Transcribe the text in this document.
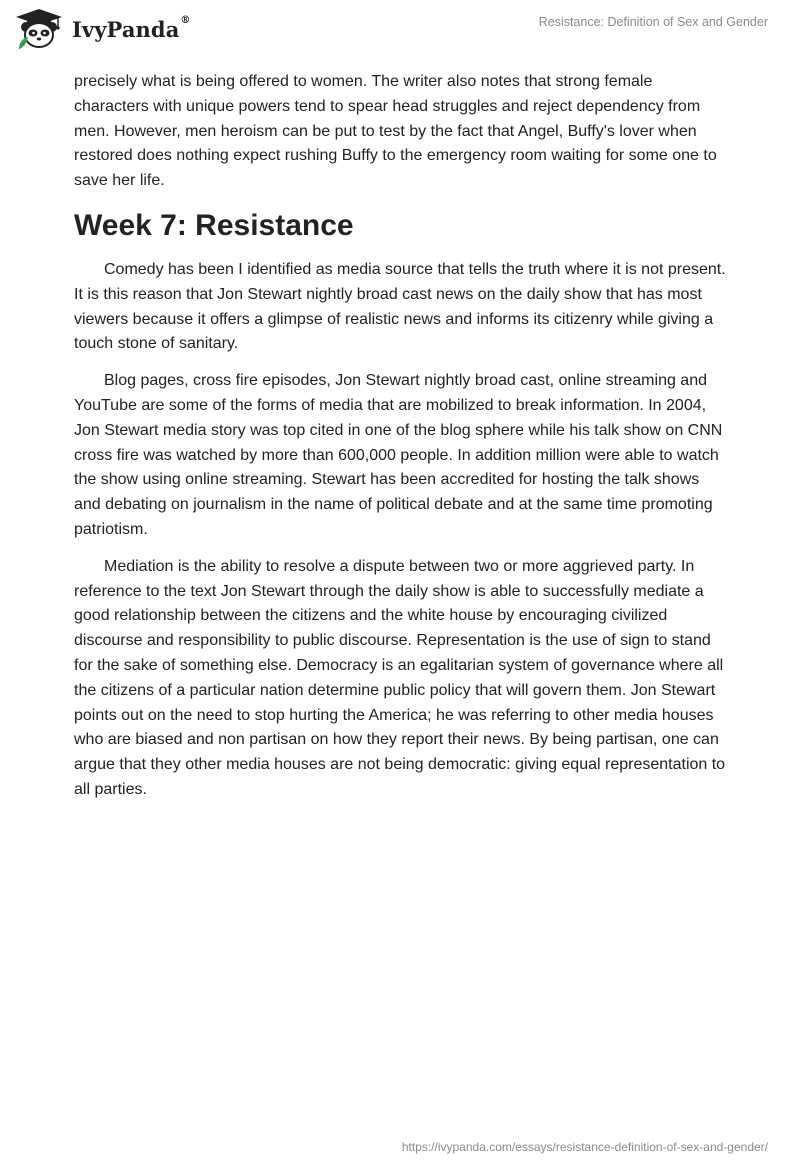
IvyPanda®	Resistance: Definition of Sex and Gender

precisely what is being offered to women. The writer also notes that strong female characters with unique powers tend to spear head struggles and reject dependency from men. However, men heroism can be put to test by the fact that Angel, Buffy's lover when restored does nothing expect rushing Buffy to the emergency room waiting for some one to save her life.

Week 7: Resistance

Comedy has been I identified as media source that tells the truth where it is not present. It is this reason that Jon Stewart nightly broad cast news on the daily show that has most viewers because it offers a glimpse of realistic news and informs its citizenry while giving a touch stone of sanitary.

Blog pages, cross fire episodes, Jon Stewart nightly broad cast, online streaming and YouTube are some of the forms of media that are mobilized to break information. In 2004, Jon Stewart media story was top cited in one of the blog sphere while his talk show on CNN cross fire was watched by more than 600,000 people. In addition million were able to watch the show using online streaming. Stewart has been accredited for hosting the talk shows and debating on journalism in the name of political debate and at the same time promoting patriotism.

Mediation is the ability to resolve a dispute between two or more aggrieved party. In reference to the text Jon Stewart through the daily show is able to successfully mediate a good relationship between the citizens and the white house by encouraging civilized discourse and responsibility to public discourse. Representation is the use of sign to stand for the sake of something else. Democracy is an egalitarian system of governance where all the citizens of a particular nation determine public policy that will govern them. Jon Stewart points out on the need to stop hurting the America; he was referring to other media houses who are biased and non partisan on how they report their news. By being partisan, one can argue that they other media houses are not being democratic: giving equal representation to all parties.

https://ivypanda.com/essays/resistance-definition-of-sex-and-gender/
